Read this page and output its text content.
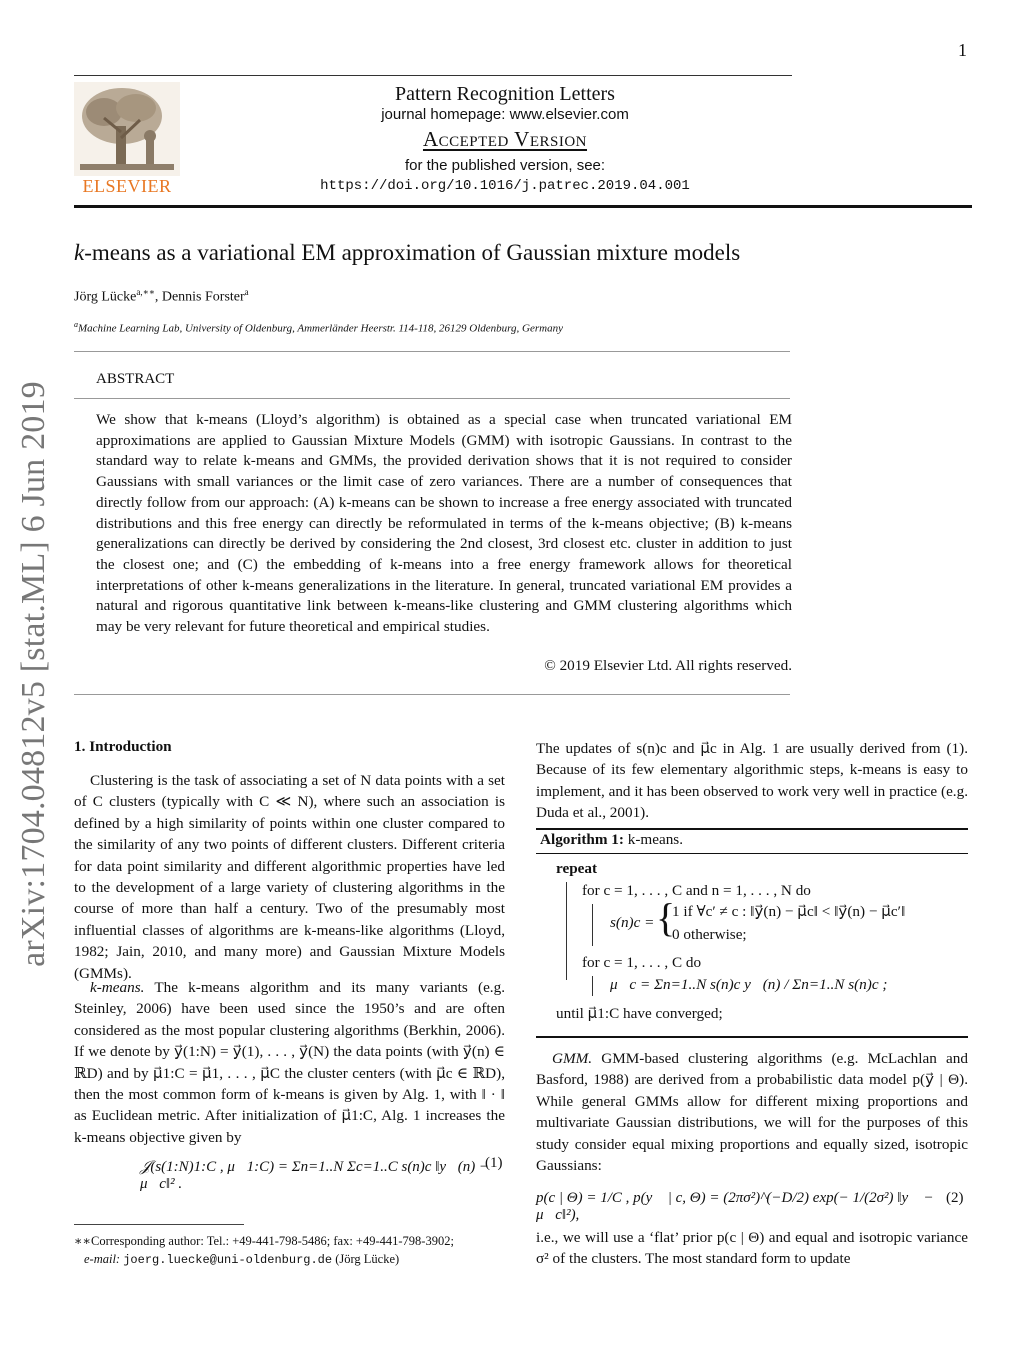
1
ELSEVIER
Pattern Recognition Letters
journal homepage: www.elsevier.com
Accepted Version
for the published version, see:
https://doi.org/10.1016/j.patrec.2019.04.001
k-means as a variational EM approximation of Gaussian mixture models
Jörg Lücke$^{a,∗∗}$, Dennis Forster$^a$
$^a$Machine Learning Lab, University of Oldenburg, Ammerländer Heerstr. 114-118, 26129 Oldenburg, Germany
ABSTRACT
We show that k-means (Lloyd’s algorithm) is obtained as a special case when truncated variational EM approximations are applied to Gaussian Mixture Models (GMM) with isotropic Gaussians. In contrast to the standard way to relate k-means and GMMs, the provided derivation shows that it is not required to consider Gaussians with small variances or the limit case of zero variances. There are a number of consequences that directly follow from our approach: (A) k-means can be shown to increase a free energy associated with truncated distributions and this free energy can directly be reformulated in terms of the k-means objective; (B) k-means generalizations can directly be derived by considering the 2nd closest, 3rd closest etc. cluster in addition to just the closest one; and (C) the embedding of k-means into a free energy framework allows for theoretical interpretations of other k-means generalizations in the literature. In general, truncated variational EM provides a natural and rigorous quantitative link between k-means-like clustering and GMM clustering algorithms which may be very relevant for future theoretical and empirical studies.
© 2019 Elsevier Ltd. All rights reserved.
arXiv:1704.04812v5 [stat.ML] 6 Jun 2019 1. Introduction

Clustering is the task of associating a set of N data points with a set of C clusters (typically with C ≪ N), where such an association is defined by a high similarity of points within one cluster compared to the similarity of any two points of different clusters. Different criteria for data point similarity and different algorithmic properties have led to the development of a large variety of clustering algorithms in the course of more than half a century. Two of the presumably most influential classes of algorithms are k-means-like algorithms (Lloyd, 1982; Jain, 2010, and many more) and Gaussian Mixture Models (GMMs).

k-means. The k-means algorithm and its many variants (e.g. Steinley, 2006) have been used since the 1950’s and are often considered as the most popular clustering algorithms (Berkhin, 2006). If we denote by y⃗(1:N) = y⃗(1), . . . , y⃗(N) the data points (with y⃗(n) ∈ ℝD) and by μ⃗1:C = μ⃗1, . . . , μ⃗C the cluster centers (with μ⃗c ∈ ℝD), then the most common form of k-means is given by Alg. 1, with ‖ · ‖ as Euclidean metric. After initialization of μ⃗1:C, Alg. 1 increases the k-means objective given by

𝒥(s(1:N)1:C , μ⃗1:C) = Σn=1..N Σc=1..C s(n)c ‖y⃗(n) − μ⃗c‖² .
(1)
∗∗Corresponding author: Tel.: +49-441-798-5486; fax: +49-441-798-3902;
e-mail: joerg.luecke@uni-oldenburg.de (Jörg Lücke)

The updates of s(n)c and μ⃗c in Alg. 1 are usually derived from (1). Because of its few elementary algorithmic steps, k-means is easy to implement, and it has been observed to work very well in practice (e.g. Duda et al., 2001).

Algorithm 1: k-means.
repeat
for c = 1, . . . , C and n = 1, . . . , N do
s(n)c = {
1 if ∀c′ ≠ c : ‖y⃗(n) − μ⃗c‖ < ‖y⃗(n) − μ⃗c′‖
0 otherwise;
for c = 1, . . . , C do
μ⃗c = Σn=1..N s(n)c y⃗(n) / Σn=1..N s(n)c ;
until μ⃗1:C have converged;

GMM. GMM-based clustering algorithms (e.g. McLachlan and Basford, 1988) are derived from a probabilistic data model p(y⃗ | Θ). While general GMMs allow for different mixing proportions and multivariate Gaussian distributions, we will for the purposes of this study consider equal mixing proportions and equally sized, isotropic Gaussians:

p(c | Θ) = 1/C , p(y⃗ | c, Θ) = (2πσ²)^(−D/2) exp(− 1/(2σ²) ‖y⃗ − μ⃗c‖²),
(2)

i.e., we will use a ‘flat’ prior p(c | Θ) and equal and isotropic variance σ² of the clusters. The most standard form to update
